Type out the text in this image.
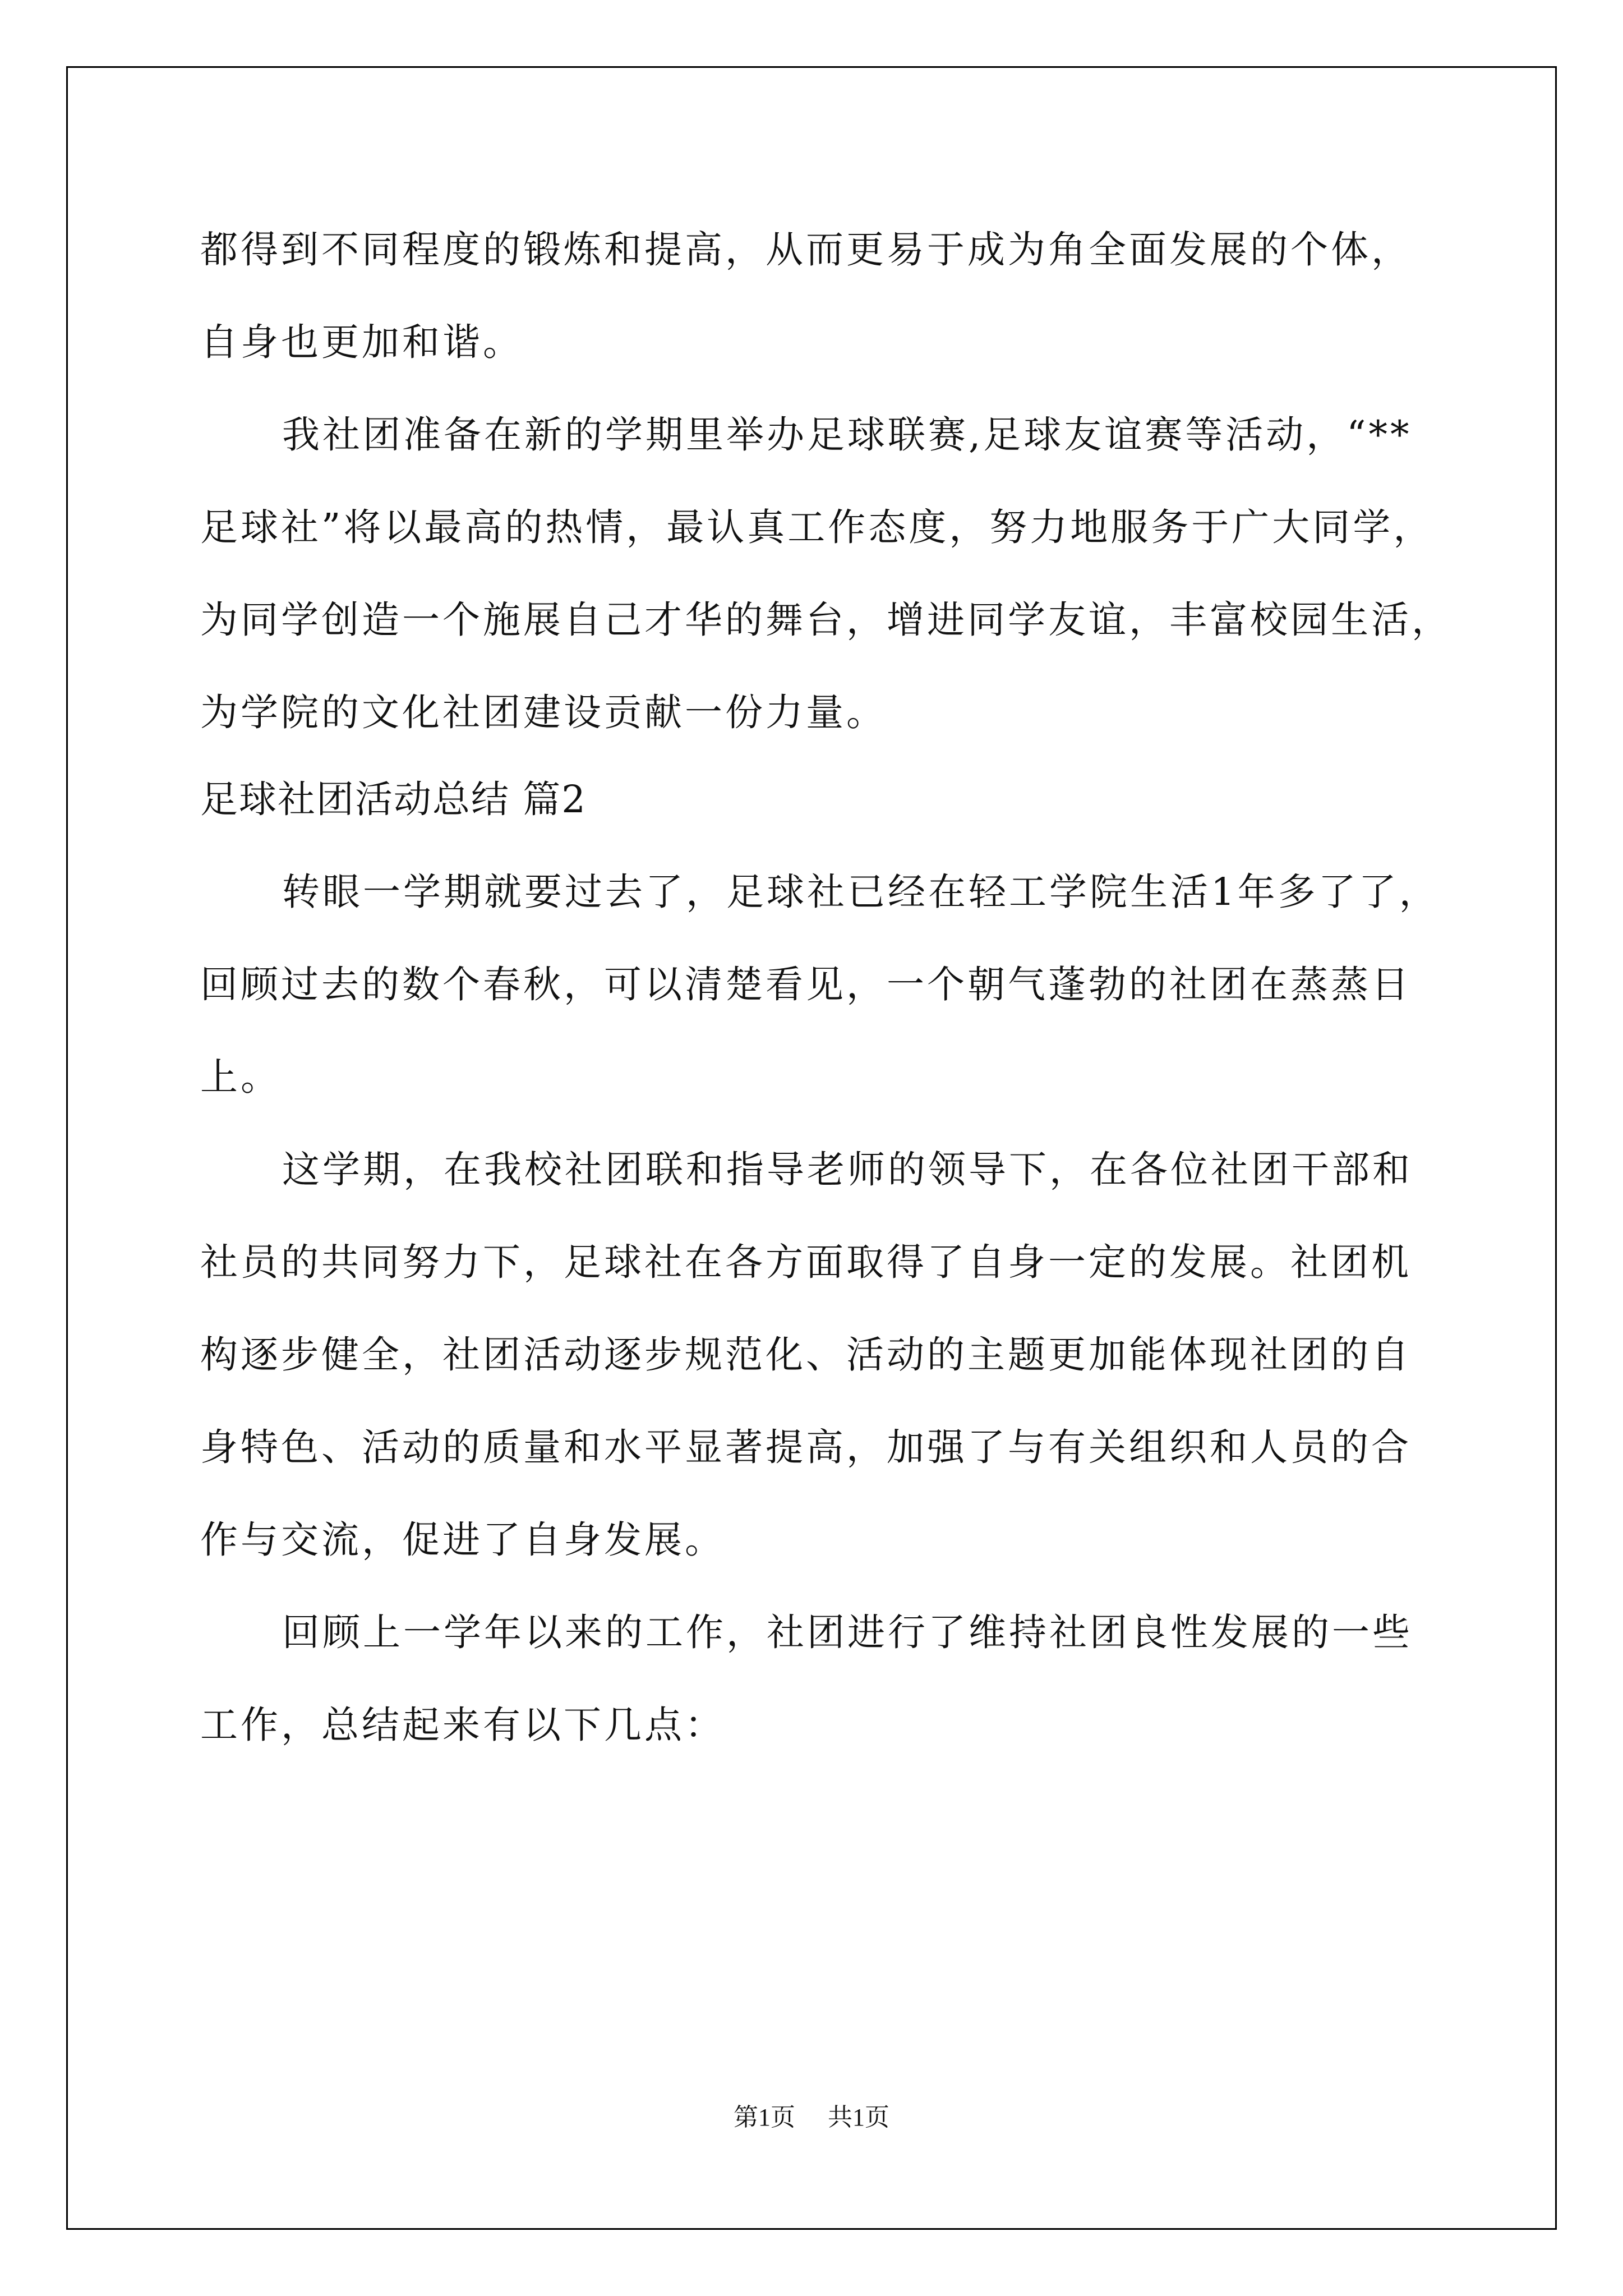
都得到不同程度的锻炼和提高，从而更易于成为角全面发展的个体，
自身也更加和谐。
我社团准备在新的学期里举办足球联赛,足球友谊赛等活动，“**
足球社”将以最高的热情，最认真工作态度，努力地服务于广大同学，
为同学创造一个施展自己才华的舞台，增进同学友谊，丰富校园生活，
为学院的文化社团建设贡献一份力量。
足球社团活动总结 篇2
转眼一学期就要过去了，足球社已经在轻工学院生活1年多了了，
回顾过去的数个春秋，可以清楚看见，一个朝气蓬勃的社团在蒸蒸日
上。
这学期，在我校社团联和指导老师的领导下，在各位社团干部和
社员的共同努力下，足球社在各方面取得了自身一定的发展。社团机
构逐步健全，社团活动逐步规范化、活动的主题更加能体现社团的自
身特色、活动的质量和水平显著提高，加强了与有关组织和人员的合
作与交流，促进了自身发展。
回顾上一学年以来的工作，社团进行了维持社团良性发展的一些
工作，总结起来有以下几点：
第1页 共1页
